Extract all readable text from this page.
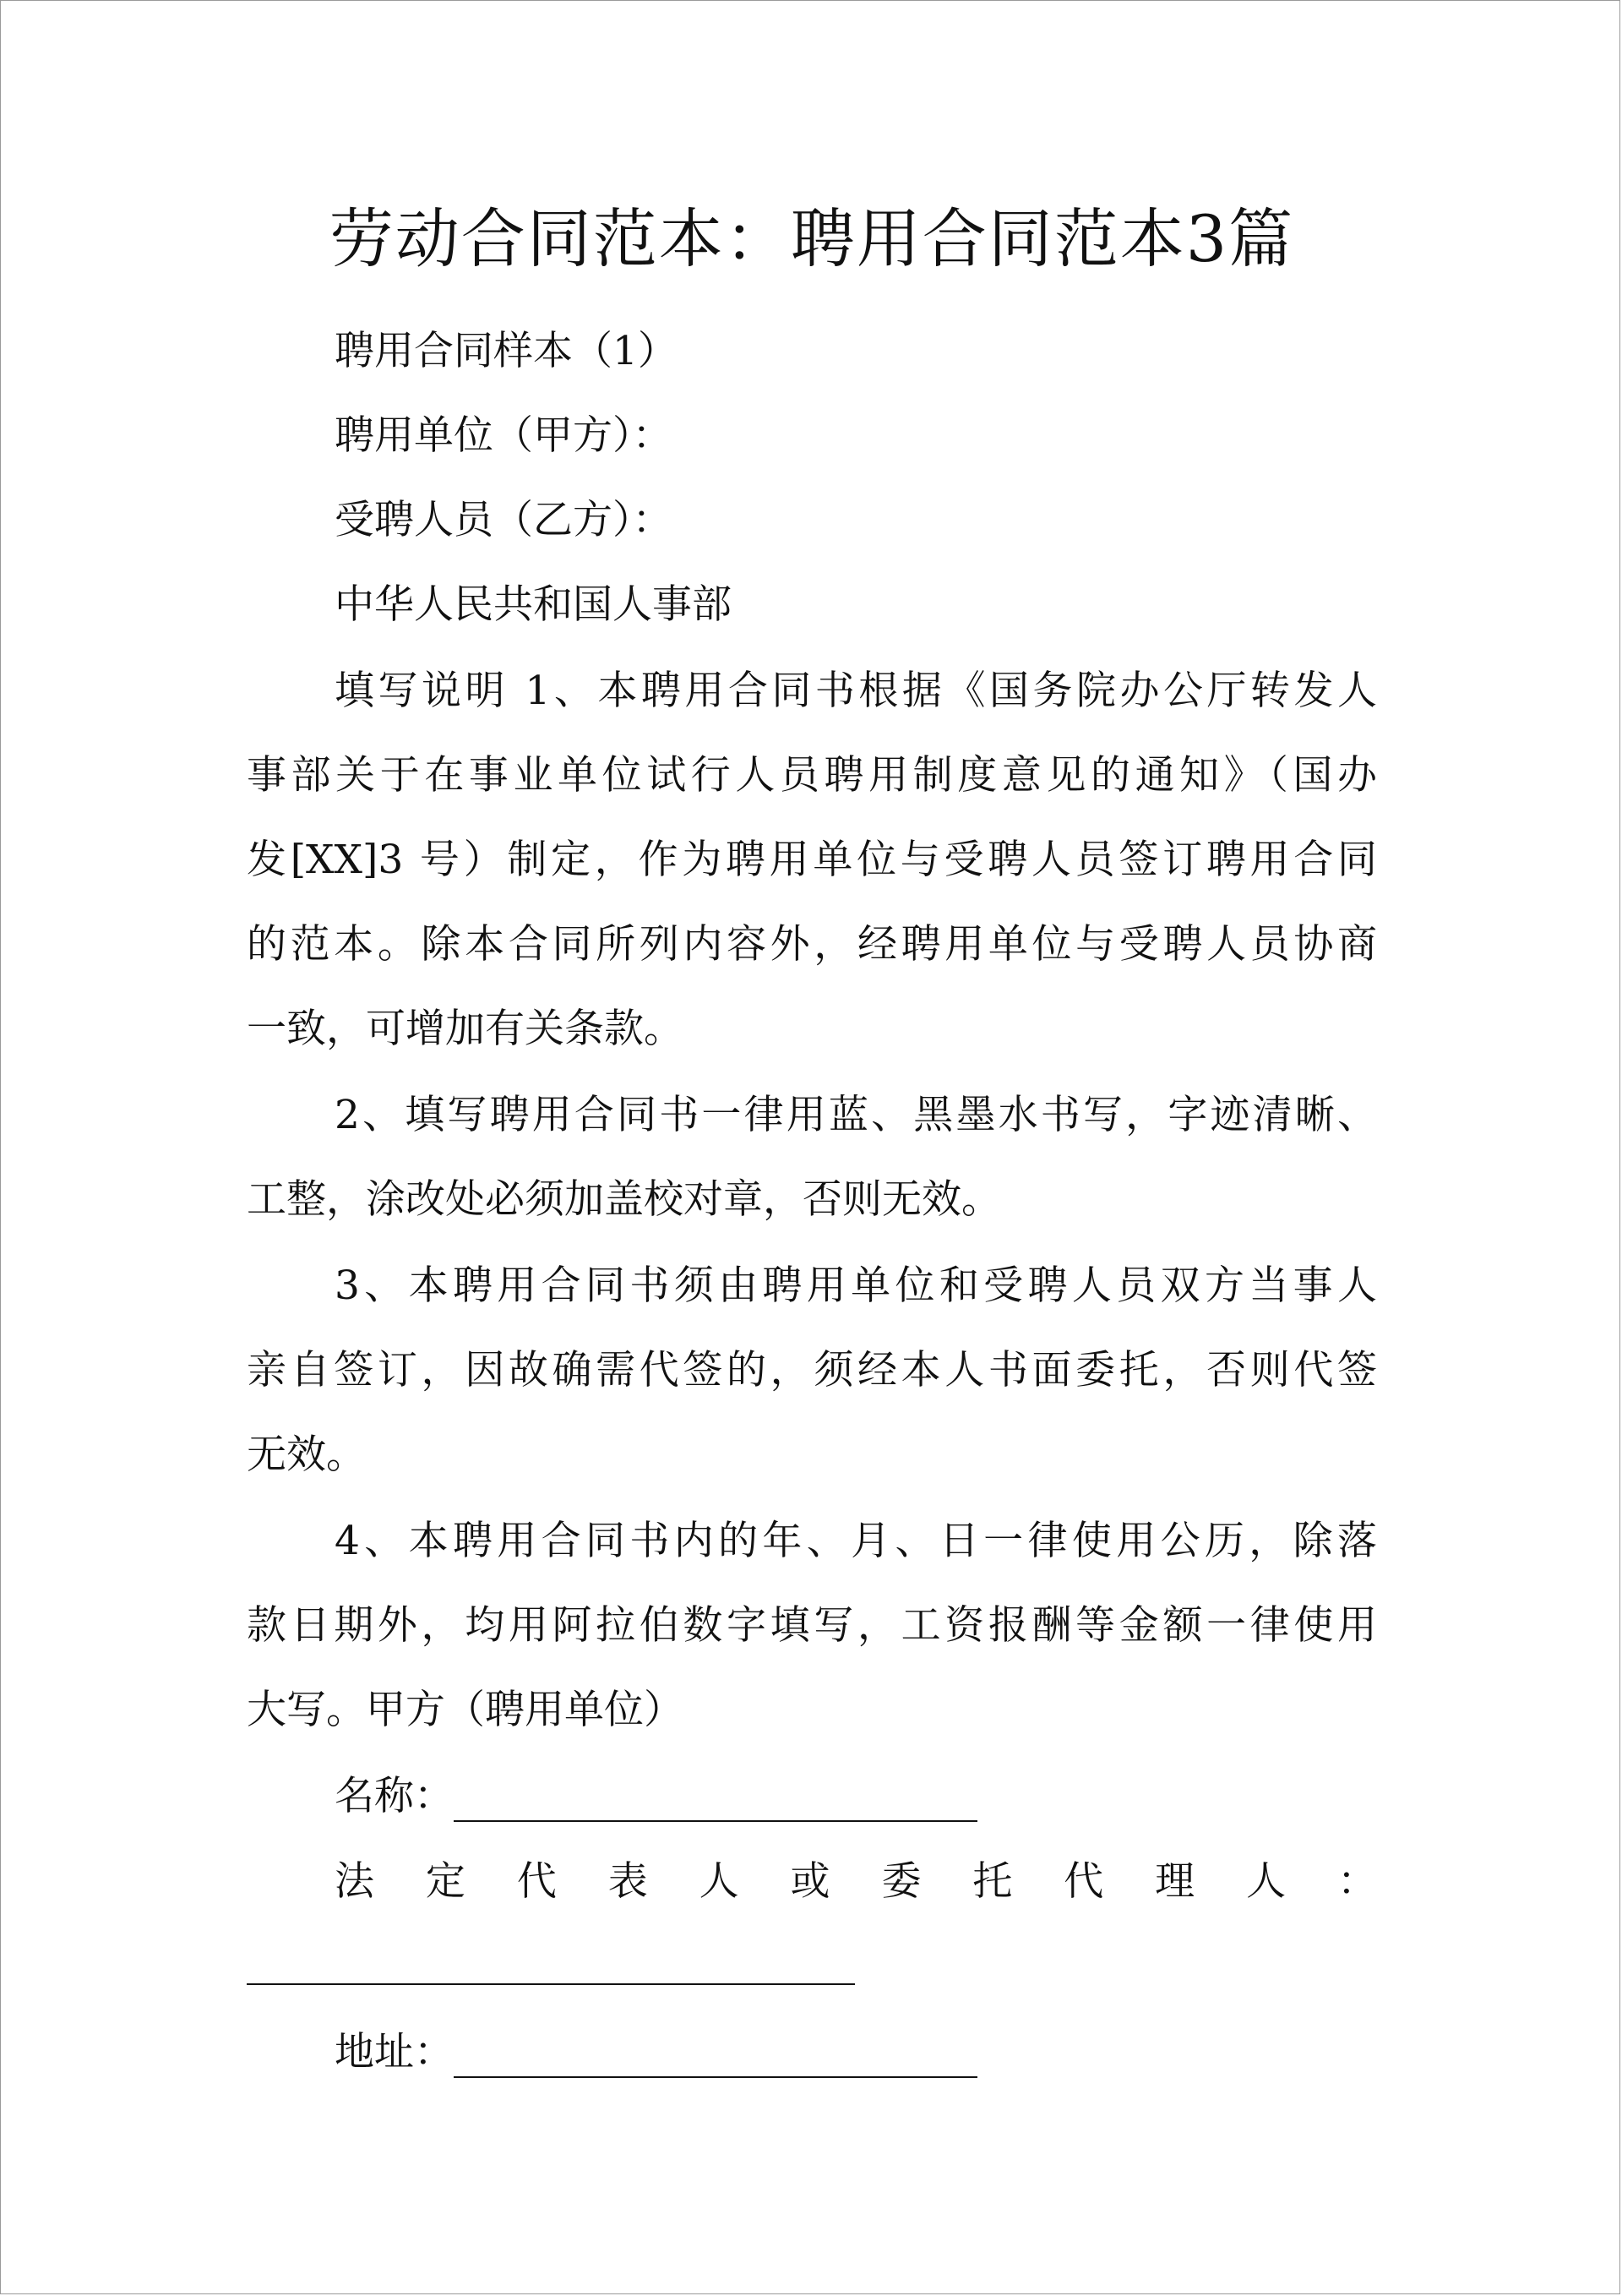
劳动合同范本：聘用合同范本3篇
聘用合同样本（1）
聘用单位（甲方）：
受聘人员（乙方）：
中华人民共和国人事部
填写说明 1、本聘用合同书根据《国务院办公厅转发人
事部关于在事业单位试行人员聘用制度意见的通知》（国办
发[XX]3 号）制定，作为聘用单位与受聘人员签订聘用合同
的范本。除本合同所列内容外，经聘用单位与受聘人员协商
一致，可增加有关条款。
2、填写聘用合同书一律用蓝、黑墨水书写，字迹清晰、
工整，涂改处必须加盖校对章，否则无效。
3、本聘用合同书须由聘用单位和受聘人员双方当事人
亲自签订，因故确需代签的，须经本人书面委托，否则代签
无效。
4、本聘用合同书内的年、月、日一律使用公历，除落
款日期外，均用阿拉伯数字填写，工资报酬等金额一律使用
大写。甲方（聘用单位）
名称：
法 定 代 表 人 或 委 托 代 理 人 ：
地址：
